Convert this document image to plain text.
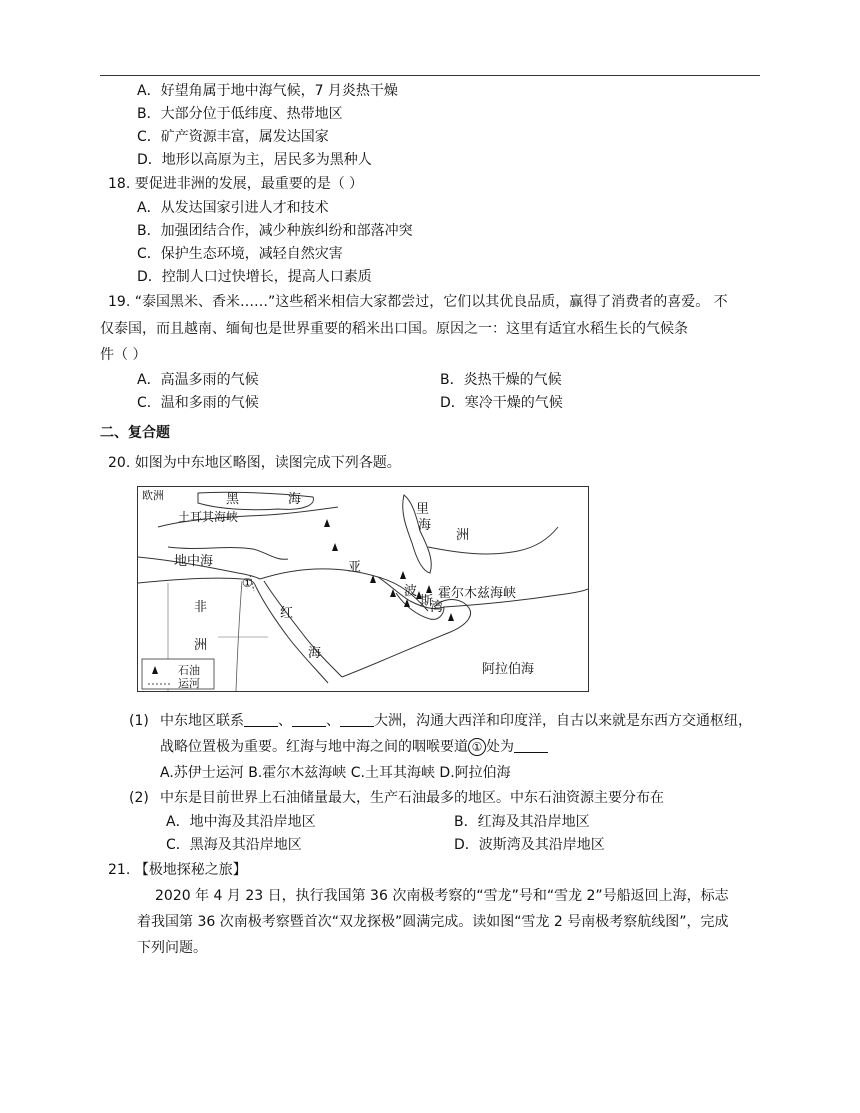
A．好望角属于地中海气候，7 月炎热干燥
B．大部分位于低纬度、热带地区
C．矿产资源丰富，属发达国家
D．地形以高原为主，居民多为黑种人
18. 要促进非洲的发展，最重要的是（ ）
A．从发达国家引进人才和技术
B．加强团结合作，减少种族纠纷和部落冲突
C．保护生态环境，减轻自然灾害
D．控制人口过快增长，提高人口素质
19. “泰国黑米、香米……”这些稻米相信大家都尝过，它们以其优良品质，赢得了消费者的喜爱。 不
仅泰国，而且越南、缅甸也是世界重要的稻米出口国。原因之一：这里有适宜水稻生长的气候条
件（ ）
A．高温多雨的气候	B．炎热干燥的气候
C．温和多雨的气候	D．寒冷干燥的气候
二、复合题
20. 如图为中东地区略图，读图完成下列各题。
欧洲	黑	海
土耳其海峡	里
海
地中海	亚
洲
霍尔木兹海峡
波
斯
湾
非
洲
红
海
阿拉伯海
①
石油
运河
(1) 中东地区联系 、 、 大洲，沟通大西洋和印度洋，自古以来就是东西方交通枢纽，
战略位置极为重要。红海与地中海之间的咽喉要道 ① 处为
A.苏伊士运河 B.霍尔木兹海峡 C.土耳其海峡 D.阿拉伯海
(2) 中东是目前世界上石油储量最大，生产石油最多的地区。中东石油资源主要分布在
A．地中海及其沿岸地区	B．红海及其沿岸地区
C．黑海及其沿岸地区	D．波斯湾及其沿岸地区
21. 【极地探秘之旅】
2020 年 4 月 23 日，执行我国第 36 次南极考察的“雪龙”号和“雪龙 2”号船返回上海，标志
着我国第 36 次南极考察暨首次“双龙探极”圆满完成。读如图“雪龙 2 号南极考察航线图”，完成
下列问题。
